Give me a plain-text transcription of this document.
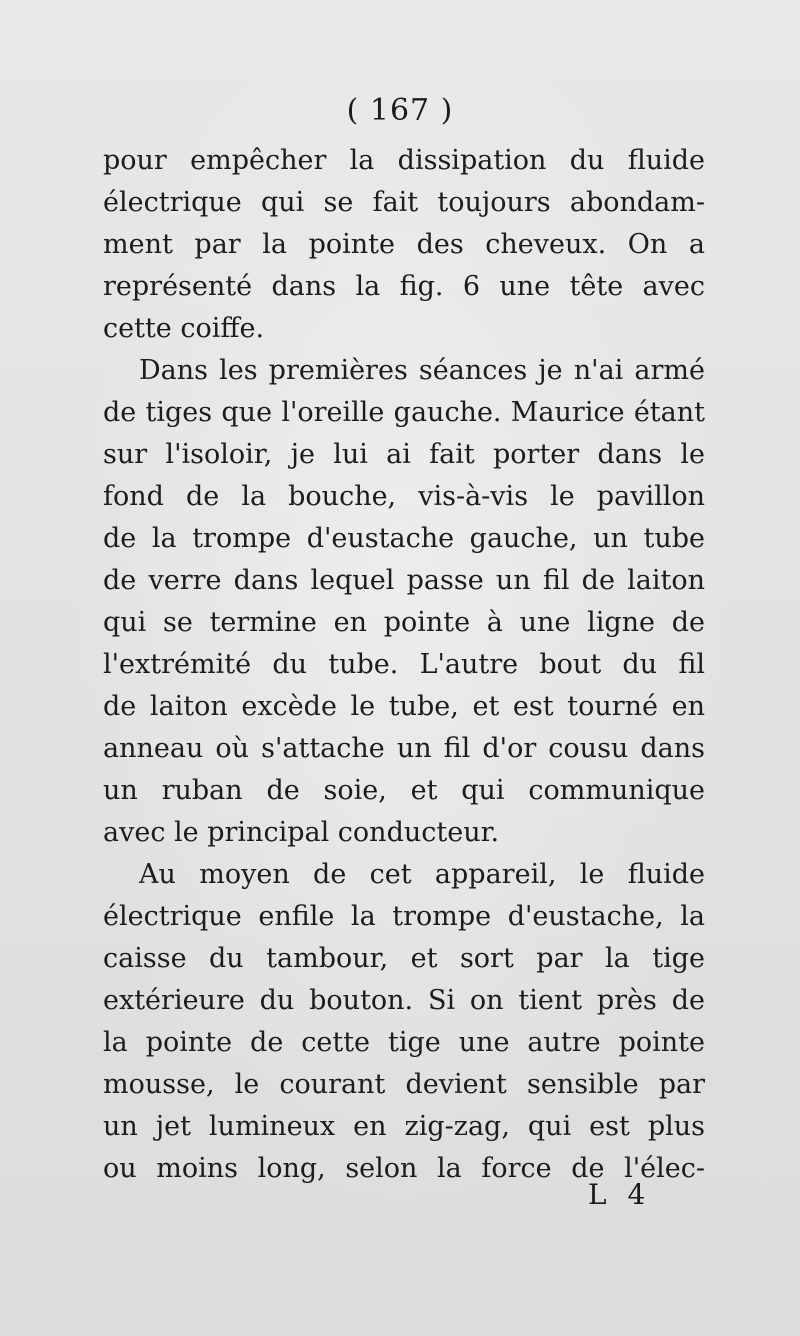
( 167 )
pour empêcher la dissipation du fluide
électrique qui se fait toujours abondam-
ment par la pointe des cheveux. On a
représenté dans la fig. 6 une tête avec
cette coiffe.
Dans les premières séances je n'ai armé
de tiges que l'oreille gauche. Maurice étant
sur l'isoloir, je lui ai fait porter dans le
fond de la bouche, vis-à-vis le pavillon
de la trompe d'eustache gauche, un tube
de verre dans lequel passe un fil de laiton
qui se termine en pointe à une ligne de
l'extrémité du tube. L'autre bout du fil
de laiton excède le tube, et est tourné en
anneau où s'attache un fil d'or cousu dans
un ruban de soie, et qui communique
avec le principal conducteur.
Au moyen de cet appareil, le fluide
électrique enfile la trompe d'eustache, la
caisse du tambour, et sort par la tige
extérieure du bouton. Si on tient près de
la pointe de cette tige une autre pointe
mousse, le courant devient sensible par
un jet lumineux en zig-zag, qui est plus
ou moins long, selon la force de l'élec-
L 4
